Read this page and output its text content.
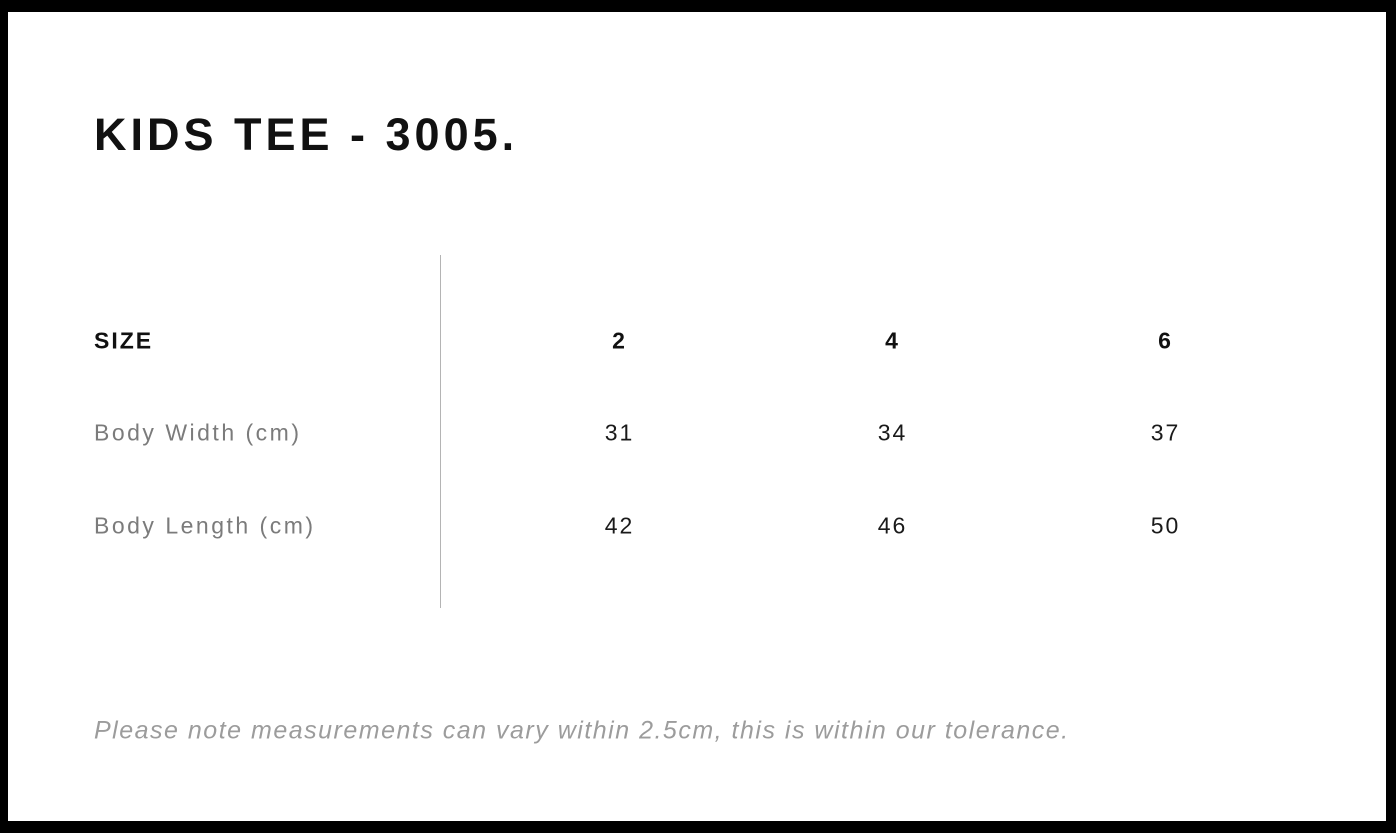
KIDS TEE - 3005.
SIZE	2	4	6
Body Width (cm)	31	34	37
Body Length (cm)	42	46	50

Please note measurements can vary within 2.5cm, this is within our tolerance.
